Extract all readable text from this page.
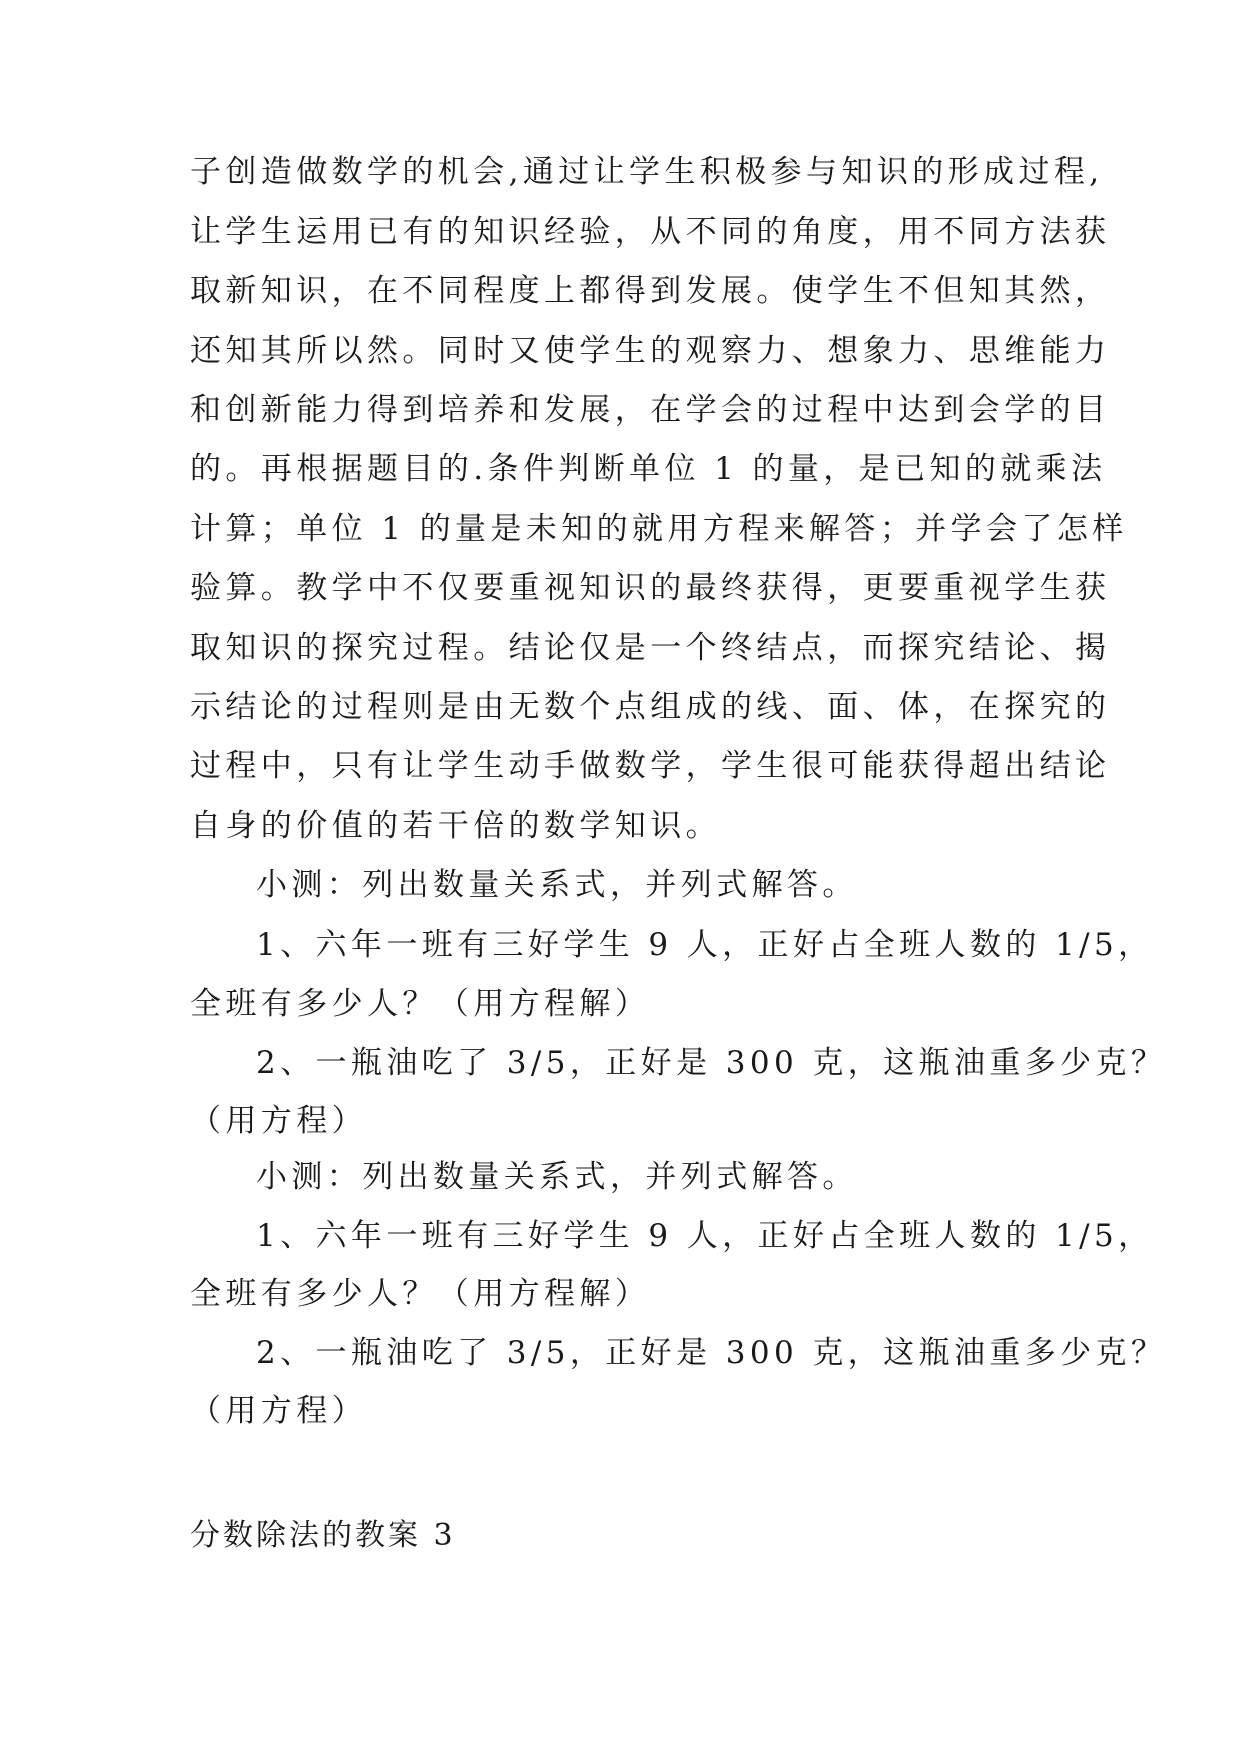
子创造做数学的机会,通过让学生积极参与知识的形成过程,
让学生运用已有的知识经验，从不同的角度，用不同方法获
取新知识，在不同程度上都得到发展。使学生不但知其然，
还知其所以然。同时又使学生的观察力、想象力、思维能力
和创新能力得到培养和发展，在学会的过程中达到会学的目
的。再根据题目的.条件判断单位 1 的量，是已知的就乘法
计算；单位 1 的量是未知的就用方程来解答；并学会了怎样
验算。教学中不仅要重视知识的最终获得，更要重视学生获
取知识的探究过程。结论仅是一个终结点，而探究结论、揭
示结论的过程则是由无数个点组成的线、面、体，在探究的
过程中，只有让学生动手做数学，学生很可能获得超出结论
自身的价值的若干倍的数学知识。
小测：列出数量关系式，并列式解答。
1、六年一班有三好学生 9 人，正好占全班人数的 1/5，
全班有多少人？（用方程解）
2、一瓶油吃了 3/5，正好是 300 克，这瓶油重多少克？
（用方程）
小测：列出数量关系式，并列式解答。
1、六年一班有三好学生 9 人，正好占全班人数的 1/5，
全班有多少人？（用方程解）
2、一瓶油吃了 3/5，正好是 300 克，这瓶油重多少克？
（用方程）
分数除法的教案 3
